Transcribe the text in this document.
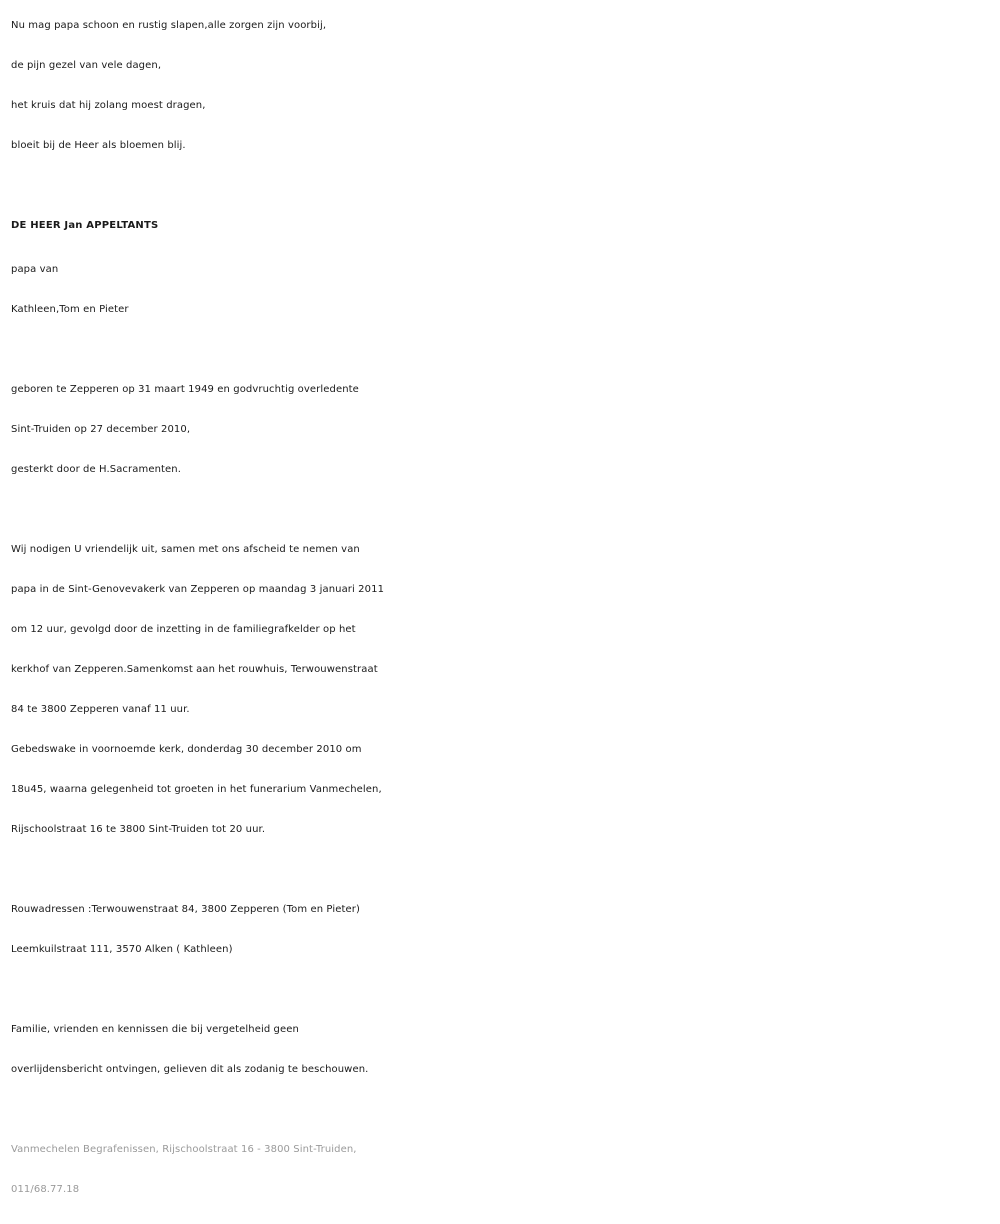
Nu mag papa schoon en rustig slapen,alle zorgen zijn voorbij,
de pijn gezel van vele dagen,
het kruis dat hij zolang moest dragen,
bloeit bij de Heer als bloemen blij.
DE HEER Jan APPELTANTS
papa van
Kathleen,Tom en Pieter
geboren te Zepperen op 31 maart 1949 en godvruchtig overledente
Sint-Truiden op 27 december 2010,
gesterkt door de H.Sacramenten.
Wij nodigen U vriendelijk uit, samen met ons afscheid te nemen van
papa in de Sint-Genovevakerk van Zepperen op maandag 3 januari 2011
om 12 uur, gevolgd door de inzetting in de familiegrafkelder op het
kerkhof van Zepperen.Samenkomst aan het rouwhuis, Terwouwenstraat
84 te 3800 Zepperen vanaf 11 uur.
Gebedswake in voornoemde kerk, donderdag 30 december 2010 om
18u45, waarna gelegenheid tot groeten in het funerarium Vanmechelen,
Rijschoolstraat 16 te 3800 Sint-Truiden tot 20 uur.
Rouwadressen :Terwouwenstraat 84, 3800 Zepperen (Tom en Pieter)
Leemkuilstraat 111, 3570 Alken ( Kathleen)
Familie, vrienden en kennissen die bij vergetelheid geen
overlijdensbericht ontvingen, gelieven dit als zodanig te beschouwen.
Vanmechelen Begrafenissen, Rijschoolstraat 16 - 3800 Sint-Truiden,
011/68.77.18
